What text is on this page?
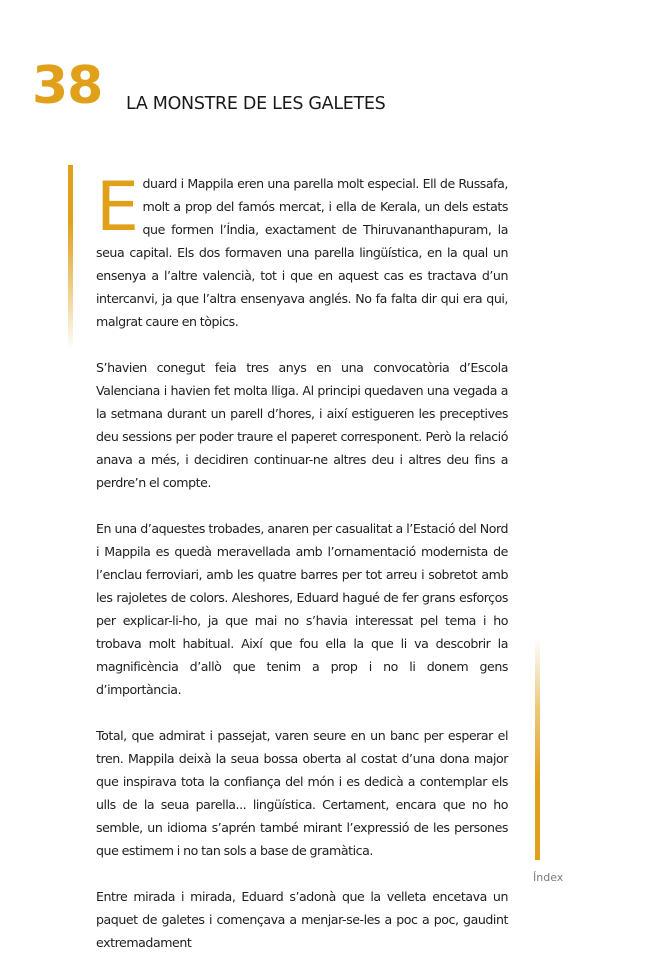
38 LA MONSTRE DE LES GALETES

Eduard i Mappila eren una parella molt especial. Ell de Russafa, molt a prop del famós mercat, i ella de Kerala, un dels estats que formen l’Índia, exactament de Thiruvananthapuram, la seua capital. Els dos formaven una parella lingüística, en la qual un ensenya a l’altre valencià, tot i que en aquest cas es tractava d’un intercanvi, ja que l’altra ensenyava anglés. No fa falta dir qui era qui, malgrat caure en tòpics.

S’havien conegut feia tres anys en una convocatòria d’Escola Valenciana i havien fet molta lliga. Al principi quedaven una vegada a la setmana durant un parell d’hores, i així estigueren les preceptives deu sessions per poder traure el paperet corresponent. Però la relació anava a més, i decidiren continuar-ne altres deu i altres deu fins a perdre’n el compte.

En una d’aquestes trobades, anaren per casualitat a l’Estació del Nord i Mappila es quedà meravellada amb l’ornamentació modernista de l’enclau ferroviari, amb les quatre barres per tot arreu i sobretot amb les rajoletes de colors. Aleshores, Eduard hagué de fer grans esforços per explicar-li-ho, ja que mai no s’havia interessat pel tema i ho trobava molt habitual. Així que fou ella la que li va descobrir la magnificència d’allò que tenim a prop i no li donem gens d’importància.

Total, que admirat i passejat, varen seure en un banc per esperar el tren. Mappila deixà la seua bossa oberta al costat d’una dona major que inspirava tota la confiança del món i es dedicà a contemplar els ulls de la seua parella... lingüística. Certament, encara que no ho semble, un idioma s’aprén també mirant l’expressió de les persones que estimem i no tan sols a base de gramàtica.

Entre mirada i mirada, Eduard s’adonà que la velleta encetava un paquet de galetes i començava a menjar-se-les a poc a poc, gaudint extremadament

Índex
